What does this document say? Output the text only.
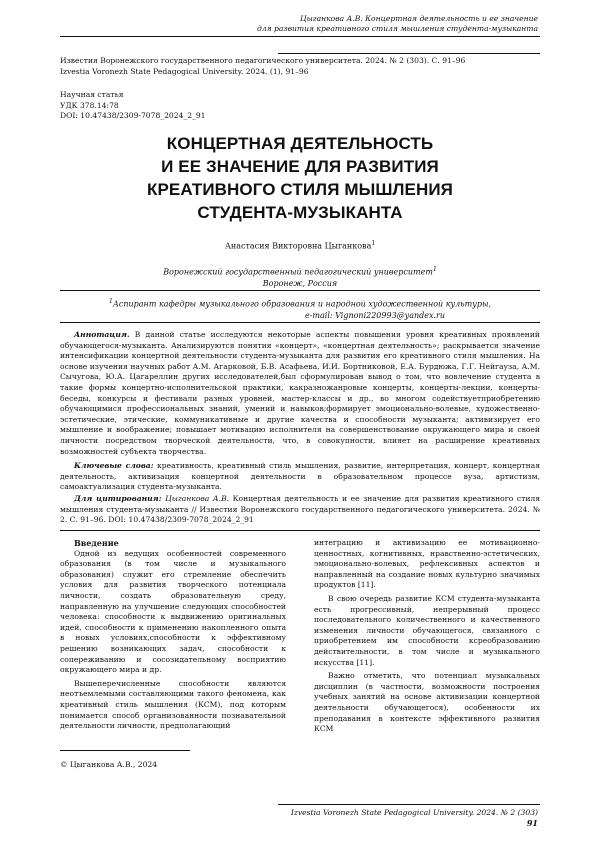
Цыганкова А.В. Концертная деятельность и ее значение
для развития креативного стиля мышления студента-музыканта
Известия Воронежского государственного педагогического университета. 2024. № 2 (303). С. 91–96
Izvestia Voronezh State Pedagogical University. 2024. (1), 91–96
Научная статья
УДК 378.14:78
DOI: 10.47438/2309-7078_2024_2_91
КОНЦЕРТНАЯ ДЕЯТЕЛЬНОСТЬ
И ЕЕ ЗНАЧЕНИЕ ДЛЯ РАЗВИТИЯ
КРЕАТИВНОГО СТИЛЯ МЫШЛЕНИЯ
СТУДЕНТА-МУЗЫКАНТА
Анастасия Викторовна Цыганкова$^1$
Воронежский государственный педагогический университет$^1$
Воронеж, Россия
$^1$Аспирант кафедры музыкального образования и народной художественной культуры,
e-mail: Vignoni220993@yandex.ru
Аннотация. В данной статье исследуются некоторые аспекты повышения уровня креативных проявлений обучающегося-музыканта. Анализируются понятия «концерт», «концертная деятельность»; раскрывается значение интенсификации концертной деятельности студента-музыканта для развития его креативного стиля мышления. На основе изучения научных работ А.М. Агарковой, Б.В. Асафьева, И.И. Бортниковой, Е.А. Бурдюжа, Г.Г. Нейгауза, А.М. Сычугова, Ю.А. Цагареллин других исследователей,был сформулирован вывод о том, что вовлечение студента в такие формы концертно-исполнительской практики, какразножанровые концерты, концерты-лекции, концерты-беседы, конкурсы и фестивали разных уровней, мастер-классы и др., во многом содействуетприобретению обучающимися профессиональных знаний, умений и навыков;формирует эмоционально-волевые, художественно-эстетические, этические, коммуникативные и другие качества и способности музыканта; активизирует его мышление и воображение; повышает мотивацию исполнителя на совершенствование окружающего мира и своей личности посредством творческой деятельности, что, в совокупности, влияет на расширение креативных возможностей субъекта творчества.
Ключевые слова: креативность, креативный стиль мышления, развитие, интерпретация, концерт, концертная деятельность, активизация концертной деятельности в образовательном процессе вуза, артистизм, самоактуализация студента-музыканта.
Для цитирования: Цыганкова А.В. Концертная деятельность и ее значение для развития креативного стиля мышления студента-музыканта // Известия Воронежского государственного педагогического университета. 2024. № 2. С. 91–96. DOI: 10.47438/2309-7078_2024_2_91
Введение

Одной из ведущих особенностей современного образования (в том числе и музыкального образования) служит его стремление обеспечить условия для развития творческого потенциала личности, создать образовательную среду, направленную на улучшение следующих способностей человека: способности к выдвижению оригинальных идей, способности к применению накопленного опыта в новых условиях,способности к эффективному решению возникающих задач, способности к сопереживанию и сосозидательному восприятию окружающего мира и др.

Вышеперечисленные способности являются неотъемлемыми составляющими такого феномена, как креативный стиль мышления (КСМ), под которым понимается способ организованности познавательной деятельности личности, предполагающий

интеграцию и активизацию ее мотивационно-ценностных, когнитивных, нравственно-эстетических, эмоционально-волевых, рефлексивных аспектов и направленный на создание новых культурно значимых продуктов [11].

В свою очередь развитие КСМ студента-музыканта есть прогрессивный, непрерывный процесс последовательного количественного и качественного изменения личности обучающегося, связанного с приобретением им способности ксреобразованию действительности, в том числе и музыкального искусства [11].

Важно отметить, что потенциал музыкальных дисциплин (в частности, возможности построения учебных занятий на основе активизации концертной деятельности обучающегося), особенности их преподавания в контексте эффективного развития КСМ

© Цыганкова А.В., 2024
Izvestia Voronezh State Pedagogical University. 2024. № 2 (303)
91
